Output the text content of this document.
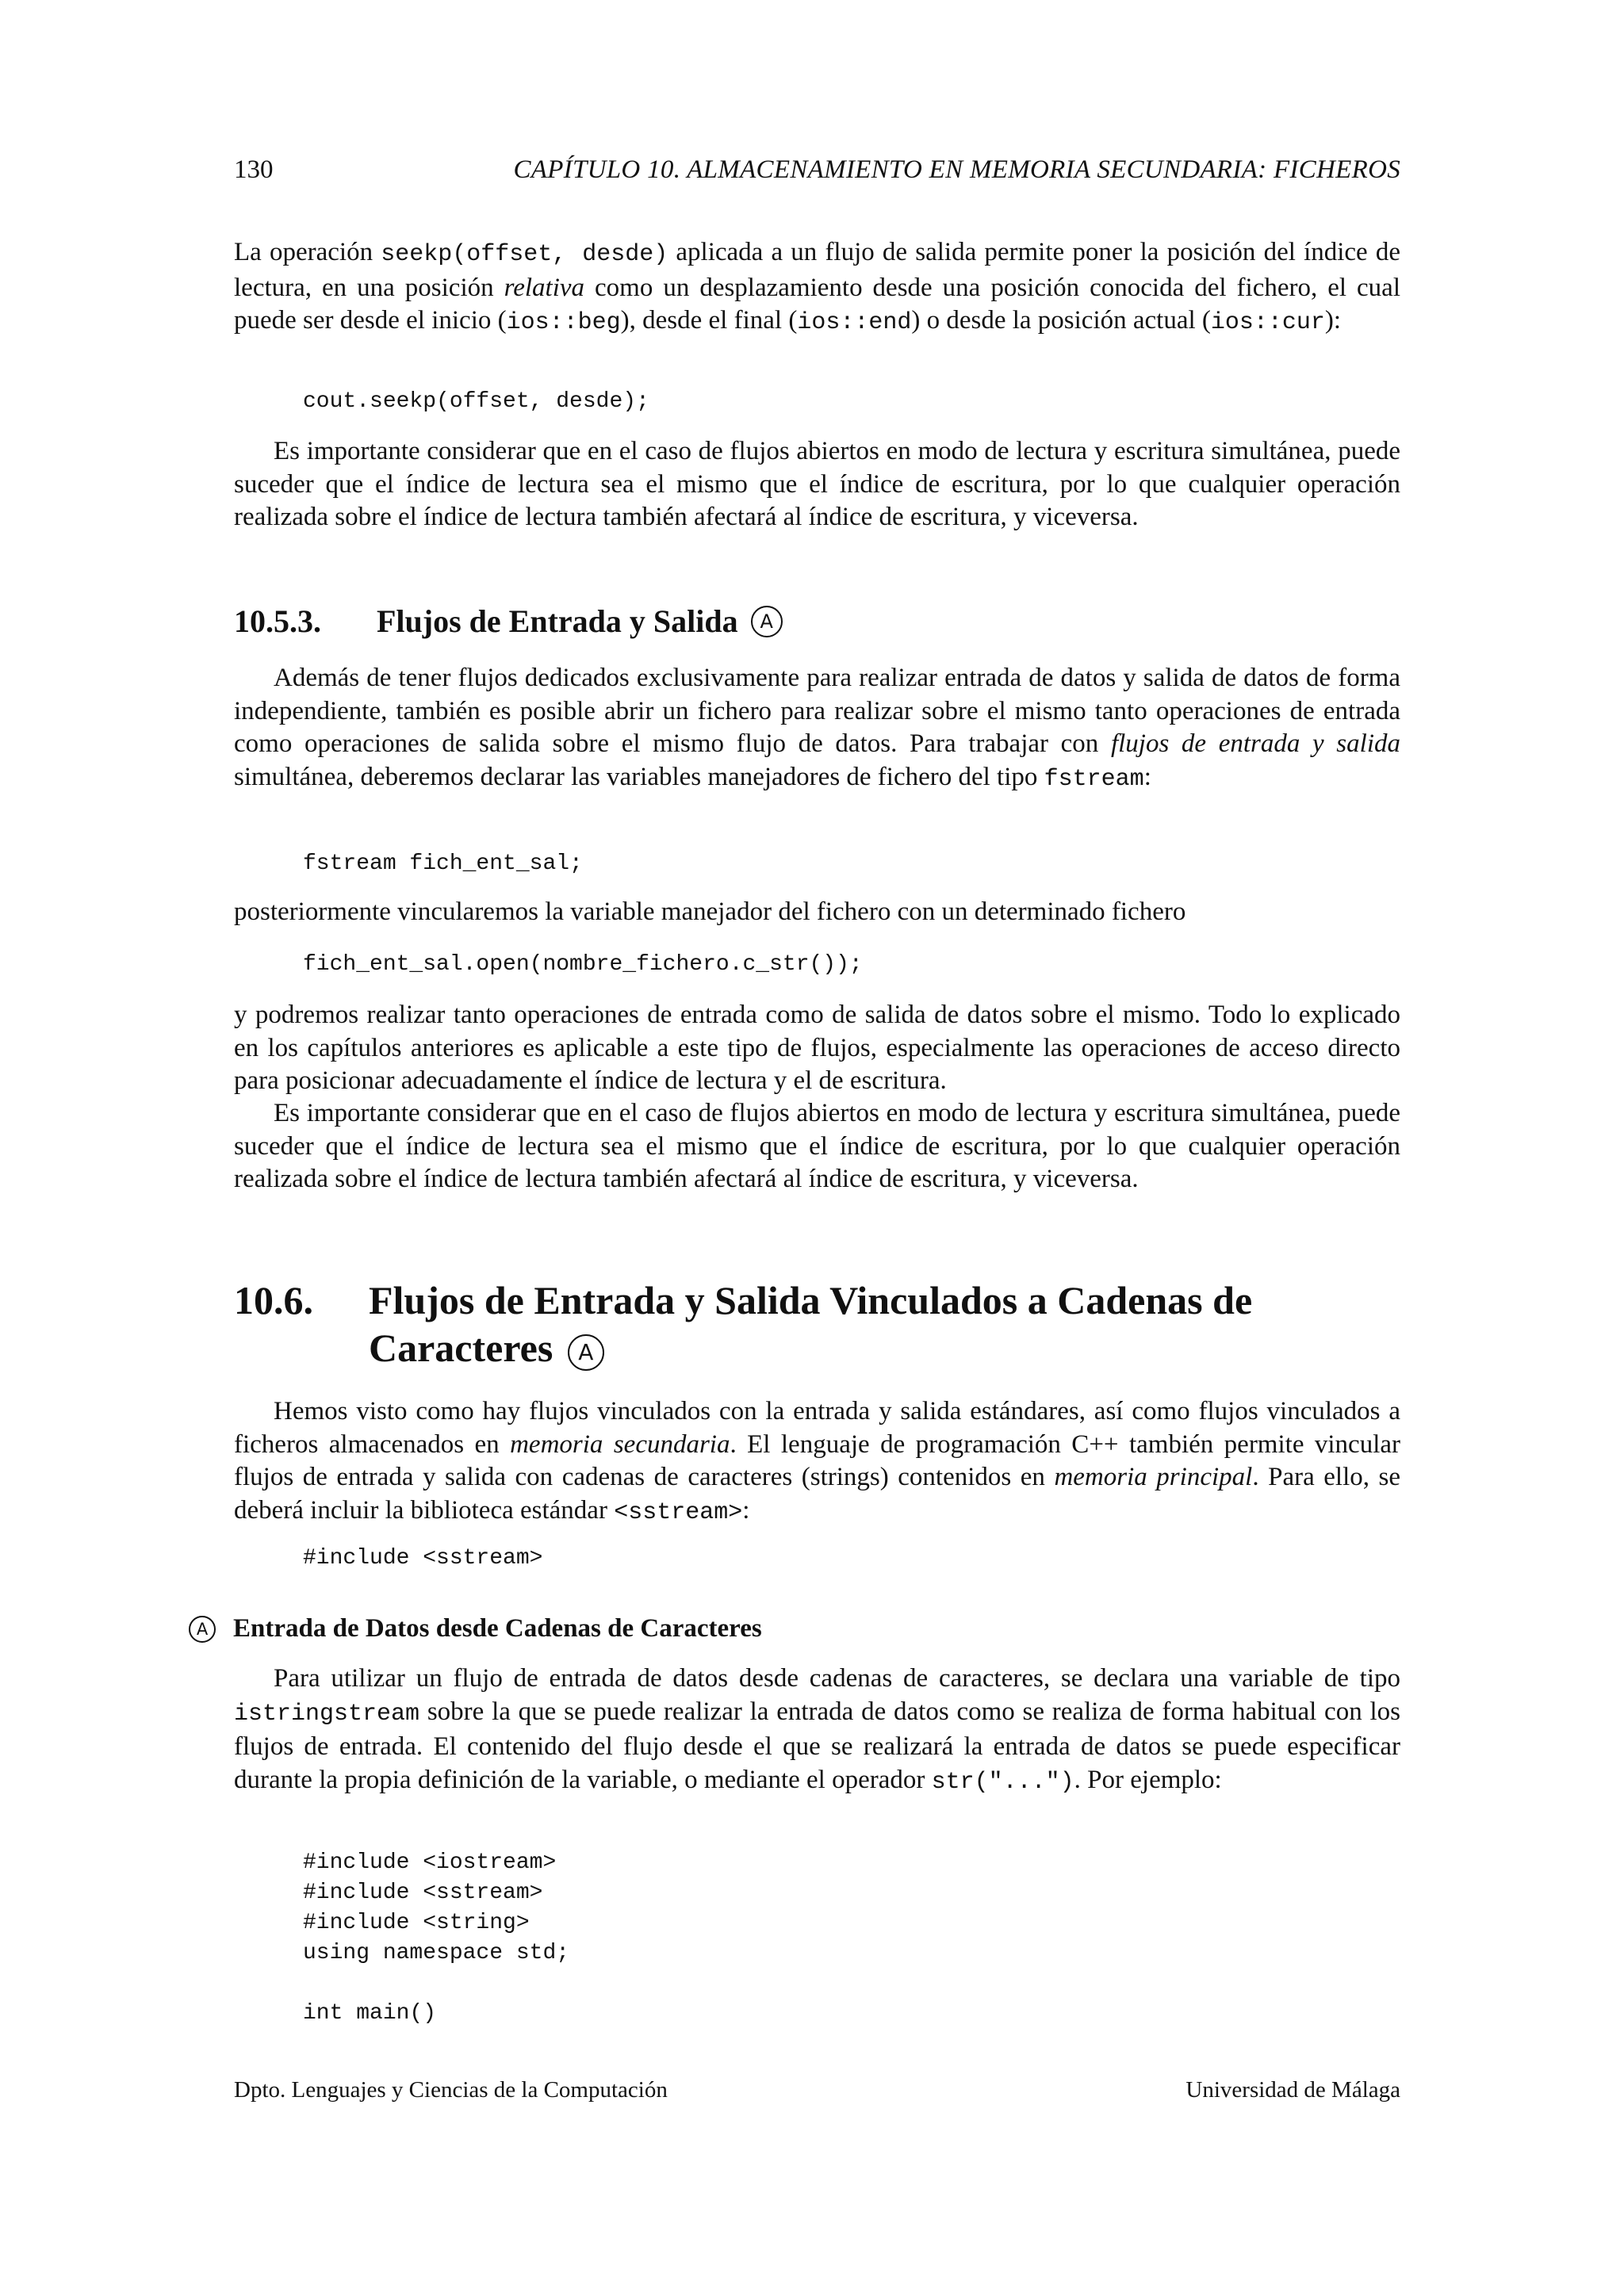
130	CAPÍTULO 10. ALMACENAMIENTO EN MEMORIA SECUNDARIA: FICHEROS

La operación seekp(offset, desde) aplicada a un flujo de salida permite poner la posición del índice de lectura, en una posición relativa como un desplazamiento desde una posición conocida del fichero, el cual puede ser desde el inicio (ios::beg), desde el final (ios::end) o desde la posición actual (ios::cur):

cout.seekp(offset, desde);

Es importante considerar que en el caso de flujos abiertos en modo de lectura y escritura simultánea, puede suceder que el índice de lectura sea el mismo que el índice de escritura, por lo que cualquier operación realizada sobre el índice de lectura también afectará al índice de escritura, y viceversa.

10.5.3.	Flujos de Entrada y Salida	A

Además de tener flujos dedicados exclusivamente para realizar entrada de datos y salida de datos de forma independiente, también es posible abrir un fichero para realizar sobre el mismo tanto operaciones de entrada como operaciones de salida sobre el mismo flujo de datos. Para trabajar con flujos de entrada y salida simultánea, deberemos declarar las variables manejadores de fichero del tipo fstream:

fstream fich_ent_sal;

posteriormente vincularemos la variable manejador del fichero con un determinado fichero

fich_ent_sal.open(nombre_fichero.c_str());

y podremos realizar tanto operaciones de entrada como de salida de datos sobre el mismo. Todo lo explicado en los capítulos anteriores es aplicable a este tipo de flujos, especialmente las operaciones de acceso directo para posicionar adecuadamente el índice de lectura y el de escritura.

Es importante considerar que en el caso de flujos abiertos en modo de lectura y escritura simultánea, puede suceder que el índice de lectura sea el mismo que el índice de escritura, por lo que cualquier operación realizada sobre el índice de lectura también afectará al índice de escritura, y viceversa.

10.6. Flujos de Entrada y Salida Vinculados a Cadenas de Caracteres A

Hemos visto como hay flujos vinculados con la entrada y salida estándares, así como flujos vinculados a ficheros almacenados en memoria secundaria. El lenguaje de programación C++ también permite vincular flujos de entrada y salida con cadenas de caracteres (strings) contenidos en memoria principal. Para ello, se deberá incluir la biblioteca estándar <sstream>:

#include <sstream>
A Entrada de Datos desde Cadenas de Caracteres

Para utilizar un flujo de entrada de datos desde cadenas de caracteres, se declara una variable de tipo istringstream sobre la que se puede realizar la entrada de datos como se realiza de forma habitual con los flujos de entrada. El contenido del flujo desde el que se realizará la entrada de datos se puede especificar durante la propia definición de la variable, o mediante el operador str("..."). Por ejemplo:

#include <iostream>
#include <sstream>
#include <string>
using namespace std;

int main()
Dpto. Lenguajes y Ciencias de la Computación	Universidad de Málaga
